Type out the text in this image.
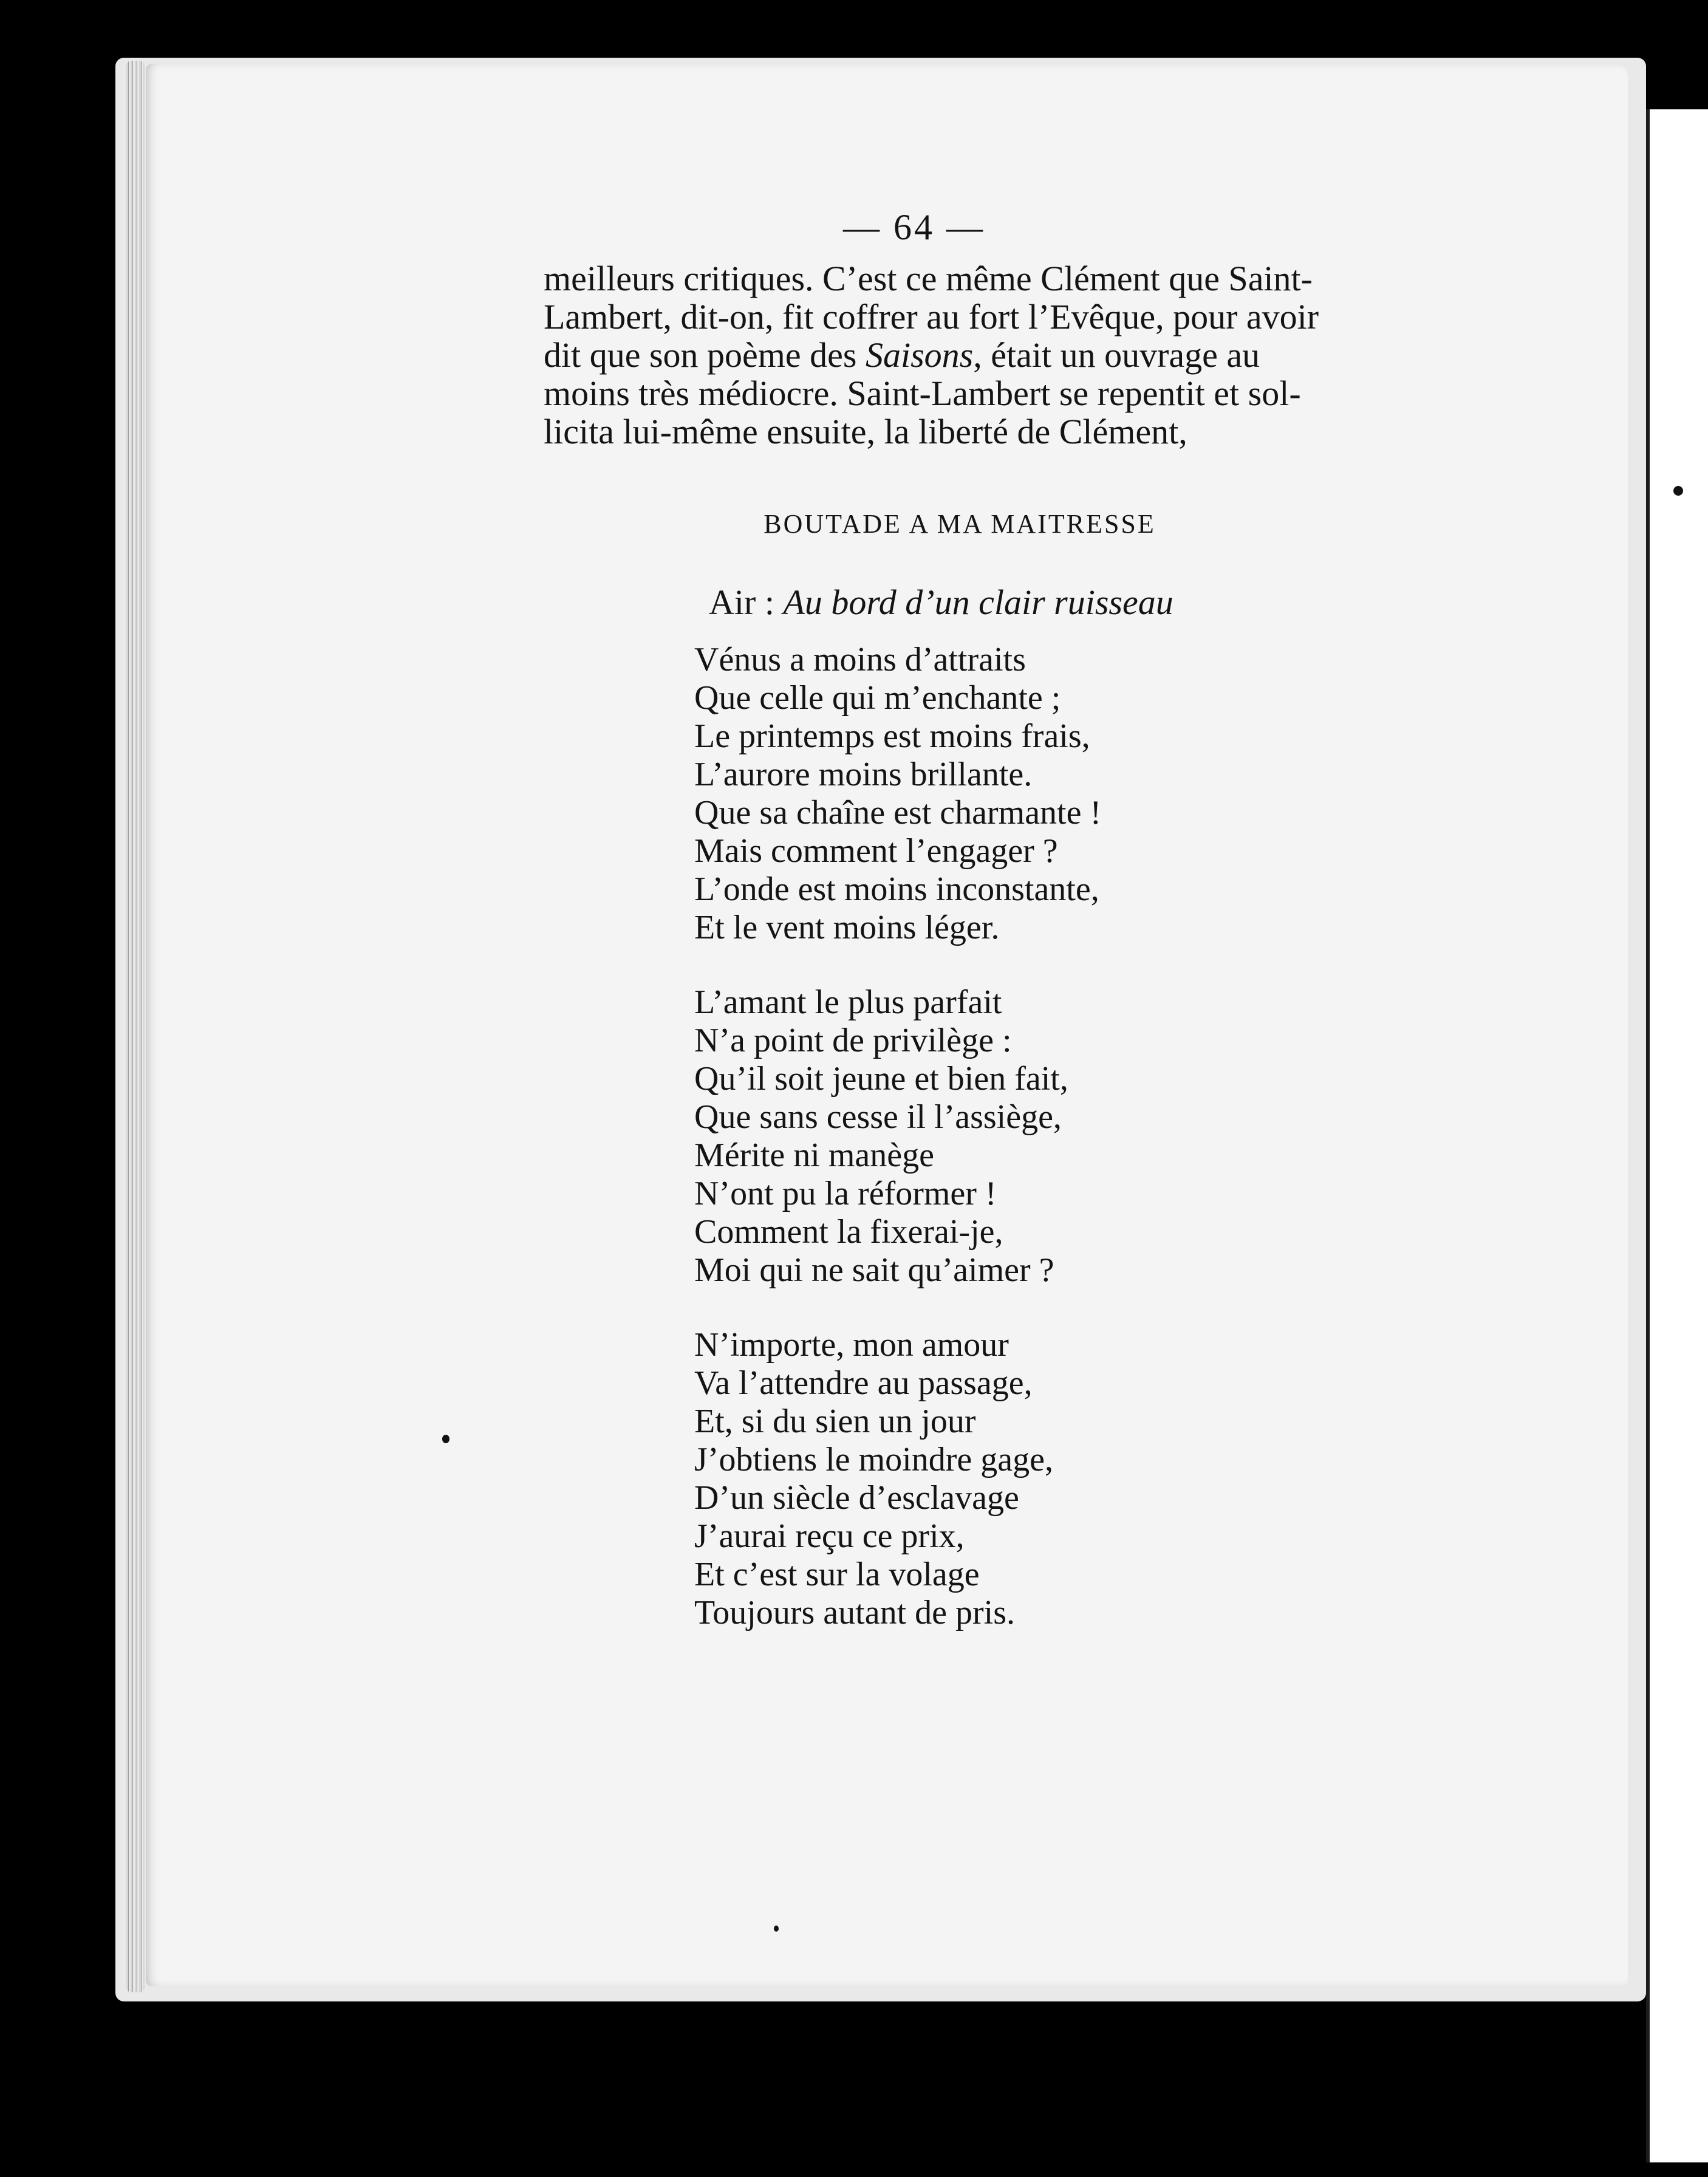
— 64 —

meilleurs critiques. C’est ce même Clément que Saint-

Lambert, dit-on, fit coffrer au fort l’Evêque, pour avoir

dit que son poème des Saisons, était un ouvrage au

moins très médiocre. Saint-Lambert se repentit et sol-

licita lui-même ensuite, la liberté de Clément,

BOUTADE A MA MAITRESSE
Air : Au bord d’un clair ruisseau
Vénus a moins d’attraits
Que celle qui m’enchante ;
Le printemps est moins frais,
L’aurore moins brillante.
Que sa chaîne est charmante !
Mais comment l’engager ?
L’onde est moins inconstante,
Et le vent moins léger.
L’amant le plus parfait
N’a point de privilège :
Qu’il soit jeune et bien fait,
Que sans cesse il l’assiège,
Mérite ni manège
N’ont pu la réformer !
Comment la fixerai-je,
Moi qui ne sait qu’aimer ?
N’importe, mon amour
Va l’attendre au passage,
Et, si du sien un jour
J’obtiens le moindre gage,
D’un siècle d’esclavage
J’aurai reçu ce prix,
Et c’est sur la volage
Toujours autant de pris.
